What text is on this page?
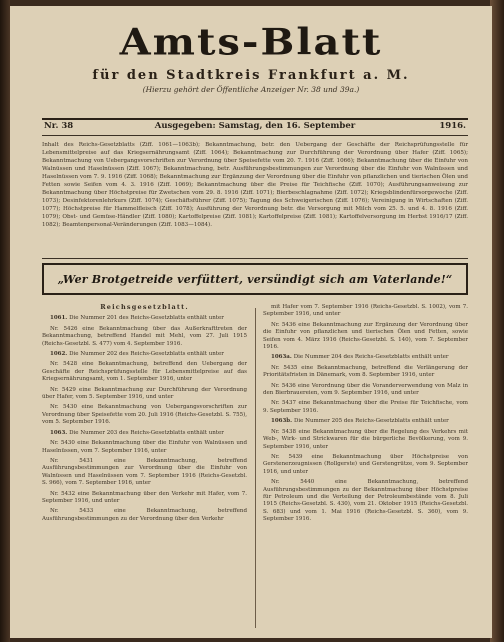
Amts-Blatt
für den Stadtkreis Frankfurt a. M.
(Hierzu gehört der Öffentliche Anzeiger Nr. 38 und 39a.)
Nr. 38	Ausgegeben: Samstag, den 16. September	1916.
Inhalt des Reichs-Gesetzblatts (Ziff. 1061—1063b); Bekanntmachung, betr. den Uebergang der Geschäfte der Reichsprüfungsstelle für Lebensmittelpreise auf das Kriegsernährungsamt (Ziff. 1064); Bekanntmachung zur Durchführung der Verordnung über Hafer (Ziff. 1065); Bekanntmachung von Uebergangsvorschriften zur Verordnung über Speisefette vom 20. 7. 1916 (Ziff. 1066); Bekanntmachung über die Einfuhr von Walnüssen und Haselnüssen (Ziff. 1067); Bekanntmachung, betr. Ausführungsbestimmungen zur Verordnung über die Einfuhr von Walnüssen und Haselnüssen vom 7. 9. 1916 (Ziff. 1068); Bekanntmachung zur Ergänzung der Verordnung über die Einfuhr von pflanzlichen und tierischen Ölen und Fetten sowie Seifen vom 4. 3. 1916 (Ziff. 1069); Bekanntmachung über die Preise für Teichfische (Ziff. 1070); Ausführungsanweisung zur Bekanntmachung über Höchstpreise für Zwetschen vom 29. 8. 1916 (Ziff. 1071); Bierbeschlagnahme (Ziff. 1072); Kriegsblindenfürsorgewoche (Ziff. 1073); Desinfektorenlehrkurs (Ziff. 1074); Geschäftsführer (Ziff. 1075); Tagung des Schweigerischen (Ziff. 1076); Vereinigung in Wirtschaften (Ziff. 1077); Höchstpreise für Hammelfleisch (Ziff. 1078); Ausführung der Verordnung betr. die Versorgung mit Milch vom 25. 5. und 4. 8. 1916 (Ziff. 1079); Obst- und Gemüse-Händler (Ziff. 1080); Kartoffelpreise (Ziff. 1081); Kartoffelpreise (Ziff. 1081); Kartoffelversorgung im Herbst 1916/17 (Ziff. 1082); Beamtenpersonal-Veränderungen (Ziff. 1083—1084).
„Wer Brotgetreide verfüttert, versündigt sich am Vaterlande!“
Reichsgesetzblatt.

1061. Die Nummer 201 des Reichs-Gesetzblatts enthält unter

Nr. 5426 eine Bekanntmachung über das Außerkrafttreten der Bekanntmachung, betreffend Handel mit Mehl, vom 27. Juli 1915 (Reichs-Gesetzbl. S. 477) vom 4. September 1916.

1062. Die Nummer 202 des Reichs-Gesetzblatts enthält unter

Nr. 5428 eine Bekanntmachung, betreffend den Uebergang der Geschäfte der Reichsprüfungsstelle für Lebensmittelpreise auf das Kriegsernährungsamt, vom 1. September 1916, unter

Nr. 5429 eine Bekanntmachung zur Durchführung der Verordnung über Hafer, vom 5. September 1916, und unter

Nr. 5430 eine Bekanntmachung von Uebergangsvorschriften zur Verordnung über Speisefette vom 20. Juli 1916 (Reichs-Gesetzbl. S. 755), vom 5. September 1916.

1063. Die Nummer 203 des Reichs-Gesetzblatts enthält unter

Nr. 5430 eine Bekanntmachung über die Einfuhr von Walnüssen und Haselnüssen, vom 7. September 1916, unter

Nr. 5431 eine Bekanntmachung, betreffend Ausführungsbestimmungen zur Verordnung über die Einfuhr von Walnüssen und Haselnüssen vom 7. September 1916 (Reichs-Gesetzbl. S. 966), vom 7. September 1916, unter

Nr. 5432 eine Bekanntmachung über den Verkehr mit Hafer, vom 7. September 1916, und unter

Nr. 5433 eine Bekanntmachung, betreffend Ausführungsbestimmungen zu der Verordnung über den Verkehr

mit Hafer vom 7. September 1916 (Reichs-Gesetzbl. S. 1002), vom 7. September 1916, und unter

Nr. 5436 eine Bekanntmachung zur Ergänzung der Verordnung über die Einfuhr von pflanzlichen und tierischen Ölen und Fetten, sowie Seifen vom 4. März 1916 (Reichs-Gesetzbl. S. 140), vom 7. September 1916.

1063a. Die Nummer 204 des Reichs-Gesetzblatts enthält unter

Nr. 5435 eine Bekanntmachung, betreffend die Verlängerung der Prioritätsfristen in Dänemark, vom 8. September 1916, unter

Nr. 5436 eine Verordnung über die Voranderverwendung von Malz in den Bierbrauereien, vom 9. September 1916, und unter

Nr. 5437 eine Bekanntmachung über die Preise für Teichfische, vom 9. September 1916.

1063b. Die Nummer 205 des Reichs-Gesetzblatts enthält unter

Nr. 5438 eine Bekanntmachung über die Regelung des Verkehrs mit Web-, Wirk- und Strickwaren für die bürgerliche Bevölkerung, vom 9. September 1916, unter

Nr. 5439 eine Bekanntmachung über Höchstpreise von Gerstenerzeugnissen (Rollgerste) und Gerstengrütze, vom 9. September 1916, und unter

Nr. 5440 eine Bekanntmachung, betreffend Ausführungsbestimmungen zu der Bekanntmachung über Höchstpreise für Petroleum und die Verteilung der Petroleumbestände vom 8. Juli 1915 (Reichs-Gesetzbl. S. 430), vom 21. Oktober 1915 (Reichs-Gesetzbl. S. 683) und vom 1. Mai 1916 (Reichs-Gesetzbl. S. 360), vom 9. September 1916.
